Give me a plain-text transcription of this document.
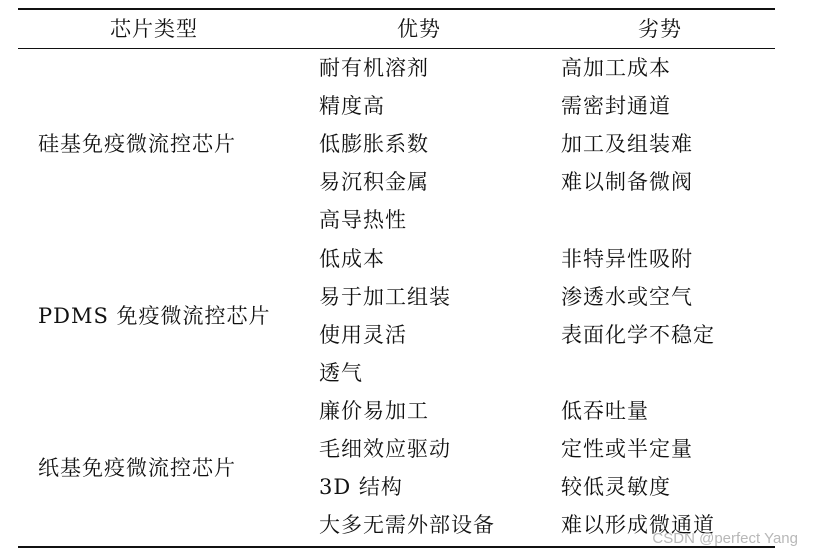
芯片类型	优势	劣势
硅基免疫微流控芯片
耐有机溶剂
精度高
低膨胀系数
易沉积金属
高导热性
高加工成本
需密封通道
加工及组装难
难以制备微阀
PDMS 免疫微流控芯片
低成本
易于加工组装
使用灵活
透气
非特异性吸附
渗透水或空气
表面化学不稳定
纸基免疫微流控芯片
廉价易加工
毛细效应驱动
3D 结构
大多无需外部设备
低吞吐量
定性或半定量
较低灵敏度
难以形成微通道
CSDN @perfect Yang
